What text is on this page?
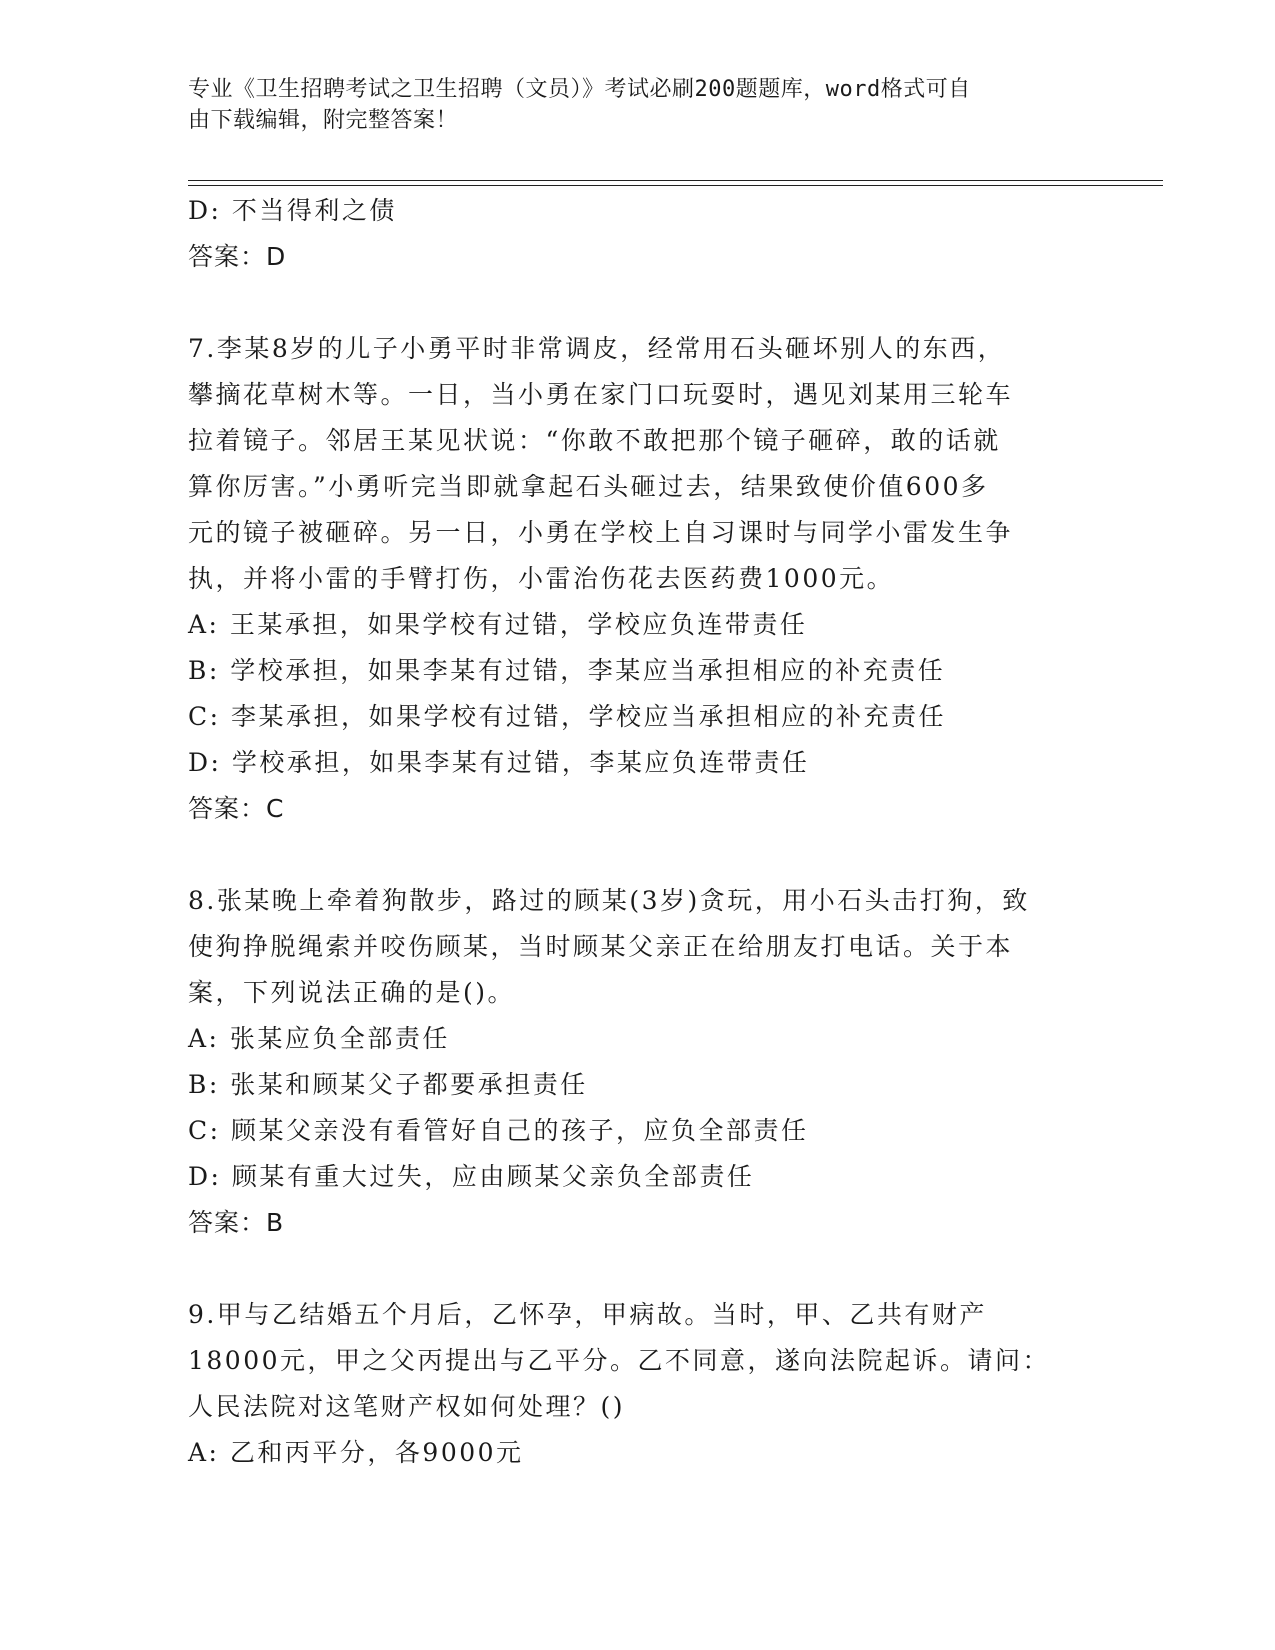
专业《卫生招聘考试之卫生招聘（文员）》考试必刷200题题库，word格式可自
由下载编辑，附完整答案！
D: 不当得利之债
答案：D
7.李某8岁的儿子小勇平时非常调皮，经常用石头砸坏别人的东西，
攀摘花草树木等。一日，当小勇在家门口玩耍时，遇见刘某用三轮车
拉着镜子。邻居王某见状说：“你敢不敢把那个镜子砸碎，敢的话就
算你厉害。”小勇听完当即就拿起石头砸过去，结果致使价值600多
元的镜子被砸碎。另一日，小勇在学校上自习课时与同学小雷发生争
执，并将小雷的手臂打伤，小雷治伤花去医药费1000元。
A: 王某承担，如果学校有过错，学校应负连带责任
B: 学校承担，如果李某有过错，李某应当承担相应的补充责任
C: 李某承担，如果学校有过错，学校应当承担相应的补充责任
D: 学校承担，如果李某有过错，李某应负连带责任
答案：C
8.张某晚上牵着狗散步，路过的顾某(3岁)贪玩，用小石头击打狗，致
使狗挣脱绳索并咬伤顾某，当时顾某父亲正在给朋友打电话。关于本
案，下列说法正确的是()。
A: 张某应负全部责任
B: 张某和顾某父子都要承担责任
C: 顾某父亲没有看管好自己的孩子，应负全部责任
D: 顾某有重大过失，应由顾某父亲负全部责任
答案：B
9.甲与乙结婚五个月后，乙怀孕，甲病故。当时，甲、乙共有财产
18000元，甲之父丙提出与乙平分。乙不同意，遂向法院起诉。请问：
人民法院对这笔财产权如何处理？()
A: 乙和丙平分，各9000元
